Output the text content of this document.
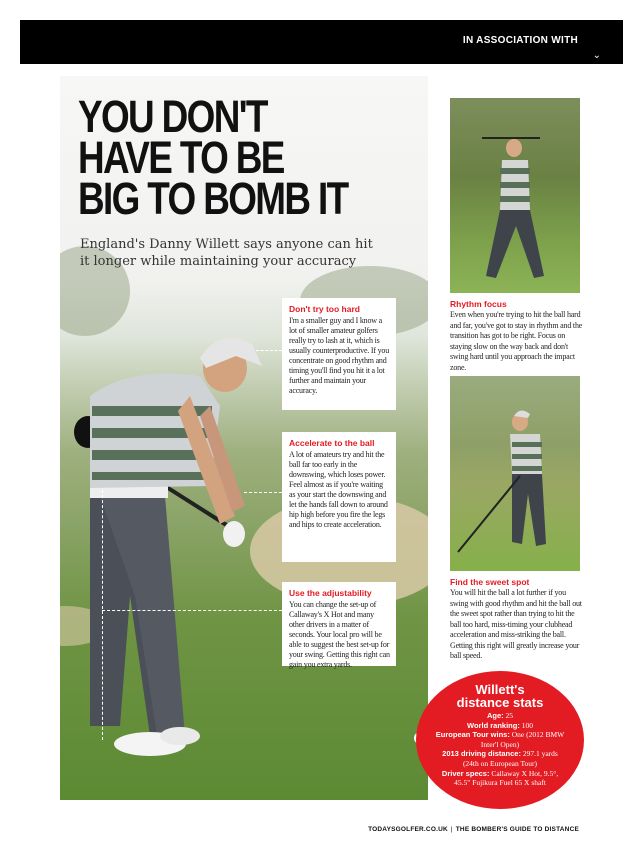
IN ASSOCIATION WITH
⌄
YOU DON'T
HAVE TO BE
BIG TO BOMB IT
England's Danny Willett says anyone can hit it longer while maintaining your accuracy
Don't try too hard

I'm a smaller guy and I know a lot of smaller amateur golfers really try to lash at it, which is usually counterproductive. If you concentrate on good rhythm and timing you'll find you hit it a lot further and maintain your accuracy.

Accelerate to the ball

A lot of amateurs try and hit the ball far too early in the downswing, which loses power. Feel almost as if you're waiting as your start the downswing and let the hands fall down to around hip high before you fire the legs and hips to create acceleration.

Use the adjustability

You can change the set-up of Callaway's X Hot and many other drivers in a matter of seconds. Your local pro will be able to suggest the best set-up for your swing. Getting this right can gain you extra yards.

Rhythm focus

Even when you're trying to hit the ball hard and far, you've got to stay in rhythm and the transition has got to be right. Focus on staying slow on the way back and don't swing hard until you approach the impact zone.

Find the sweet spot

You will hit the ball a lot further if you swing with good rhythm and hit the ball out the sweet spot rather than trying to hit the ball too hard, miss-timing your clubhead acceleration and miss-striking the ball. Getting this right will greatly increase your ball speed.

Willett's
distance stats
Age: 25
World ranking: 100
European Tour wins: One (2012 BMW Inter'l Open)
2013 driving distance: 297.1 yards (24th on European Tour)
Driver specs: Callaway X Hot, 9.5°, 45.5" Fujikura Fuel 65 X shaft
TODAYSGOLFER.CO.UK | THE BOMBER'S GUIDE TO DISTANCE
